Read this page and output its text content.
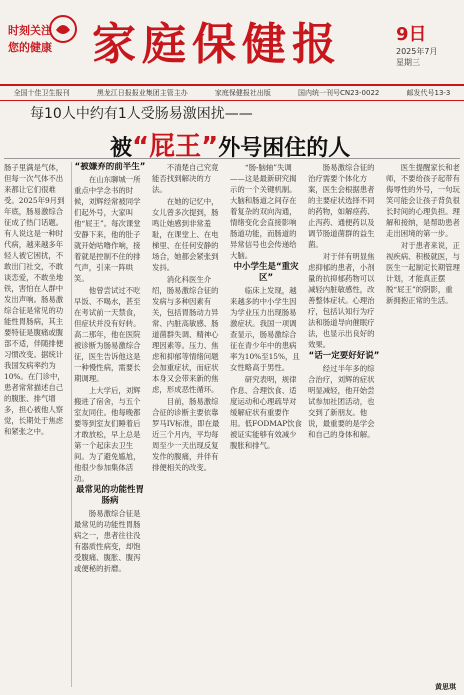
时刻关注
您的健康 家庭保健报	9日
2025年7月
星期三
全国十佳卫生报刊	黑龙江日报报业集团主管主办	家庭保健报社出版	国内统一刊号CN23-0022	邮发代号13-3
每10人中约有1人受肠易激困扰——
被“屁王”外号困住的人
肠子里满是气体，但每一次气体不出来都让它们很难受。2025年9月到年底，肠易激综合征成了热门话题。有人说这是一种时代病，越来越多年轻人被它困扰，不敢出门社交，不敢谈恋爱，不敢坐地铁，害怕在人群中发出声响。肠易激综合征是常见的功能性胃肠病，其主要特征是腹痛或腹部不适，伴随排便习惯改变。据统计我国发病率约为10%。在门诊中，患者常常描述自己的腹胀、排气增多，担心被他人察觉，长期处于焦虑和紧张之中。

“被嫌弃的前半生”

在山东聊城一所重点中学念书的时候，刘辉经常被同学们起外号，大家叫他“屁王”。每次课堂安静下来，他的肚子就开始咕噜作响，接着就是控制不住的排气声，引来一阵哄笑。

他曾尝试过不吃早饭、不喝水，甚至在考试前一天禁食，但症状并没有好转。高二那年，他在医院被诊断为肠易激综合征，医生告诉他这是一种慢性病，需要长期调理。

上大学后，刘辉搬进了宿舍，与五个室友同住。他每晚都要等到室友们睡着后才敢放松，早上总是第一个起床去卫生间。为了避免尴尬，他很少参加集体活动。

最常见的功能性胃肠病

肠易激综合征是最常见的功能性胃肠病之一，患者往往没有器质性病变，却饱受腹痛、腹胀、腹泻或便秘的折磨。

不清楚自己究竟能否找到解决的方法。

在她的记忆中，女儿曾多次提到，肠鸣让她感到非常羞耻，在课堂上、在电梯里、在任何安静的场合，她都会紧张到发抖。

消化科医生介绍，肠易激综合征的发病与多种因素有关，包括胃肠动力异常、内脏高敏感、肠道菌群失调、精神心理因素等。压力、焦虑和抑郁等情绪问题会加重症状，而症状本身又会带来新的焦虑，形成恶性循环。

目前，肠易激综合征的诊断主要依靠罗马IV标准，即在最近三个月内，平均每周至少一天出现反复发作的腹痛，并伴有排便相关的改变。

“肠-脑轴”失调——这是最新研究揭示的一个关键机制。大脑和肠道之间存在着复杂的双向沟通，情绪变化会直接影响肠道功能，而肠道的异常信号也会传递给大脑。

中小学生是“重灾区”

临床上发现，越来越多的中小学生因为学业压力出现肠易激症状。我国一项调查显示，肠易激综合征在青少年中的患病率为10%至15%，且女性略高于男性。

研究表明，规律作息、合理饮食、适度运动和心理疏导对缓解症状有重要作用。低FODMAP饮食被证实能够有效减少腹胀和排气。

肠易激综合征的治疗需要个体化方案，医生会根据患者的主要症状选择不同的药物，如解痉药、止泻药、通便药以及调节肠道菌群的益生菌。

对于伴有明显焦虑抑郁的患者，小剂量的抗抑郁药物可以减轻内脏敏感性，改善整体症状。心理治疗，包括认知行为疗法和肠道导向催眠疗法，也显示出良好的效果。

“话一定要好好说”

经过半年多的综合治疗，刘辉的症状明显减轻，他开始尝试参加社团活动，也交到了新朋友。他说，最重要的是学会和自己的身体和解。

医生提醒家长和老师，不要给孩子起带有侮辱性的外号，一句玩笑可能会让孩子背负很长时间的心理负担。理解和接纳，是帮助患者走出困境的第一步。

对于患者来说，正视疾病、积极就医，与医生一起制定长期管理计划，才能真正摆脱“屁王”的阴影，重新拥抱正常的生活。

黄思琪
